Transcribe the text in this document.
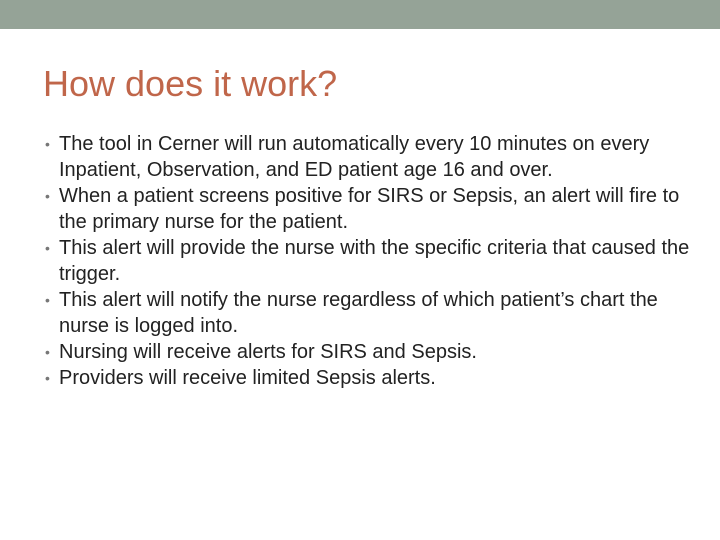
How does it work?
• The tool in Cerner will run automatically every 10 minutes on every Inpatient, Observation, and ED patient age 16 and over.
• When a patient screens positive for SIRS or Sepsis, an alert will fire to the primary nurse for the patient.
• This alert will provide the nurse with the specific criteria that caused the trigger.
• This alert will notify the nurse regardless of which patient’s chart the nurse is logged into.
• Nursing will receive alerts for SIRS and Sepsis.
• Providers will receive limited Sepsis alerts.
